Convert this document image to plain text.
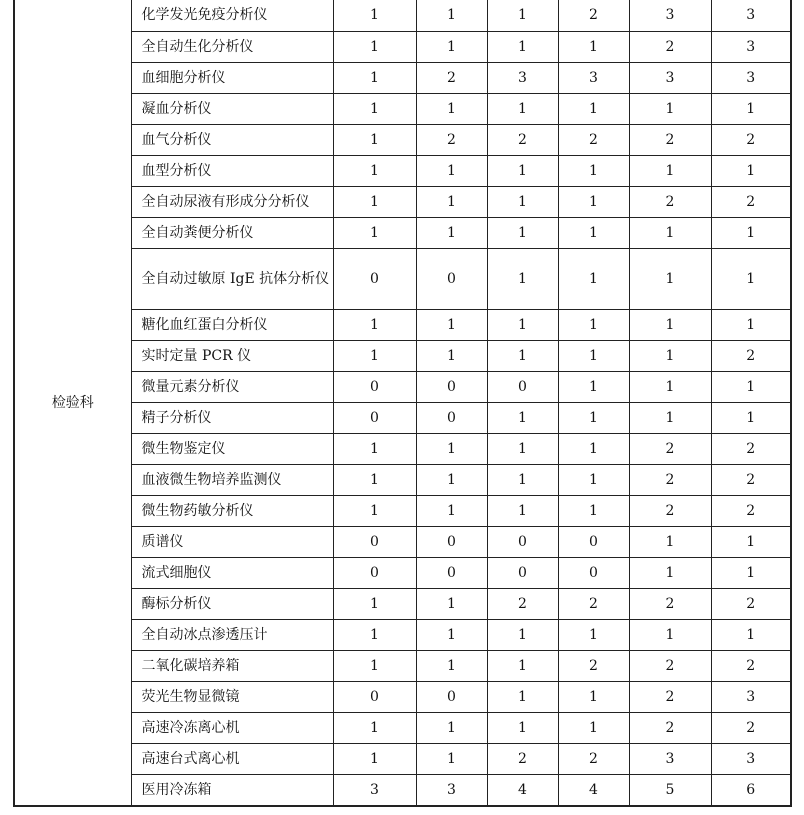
检验科	化学发光免疫分析仪	1	1	1	2	3	3
	全自动生化分析仪	1	1	1	1	2	3
	血细胞分析仪	1	2	3	3	3	3
	凝血分析仪	1	1	1	1	1	1
	血气分析仪	1	2	2	2	2	2
	血型分析仪	1	1	1	1	1	1
	全自动尿液有形成分分析仪	1	1	1	1	2	2
	全自动粪便分析仪	1	1	1	1	1	1
	全自动过敏原 IgE 抗体分析仪	0	0	1	1	1	1
	糖化血红蛋白分析仪	1	1	1	1	1	1
	实时定量 PCR 仪	1	1	1	1	1	2
	微量元素分析仪	0	0	0	1	1	1
	精子分析仪	0	0	1	1	1	1
	微生物鉴定仪	1	1	1	1	2	2
	血液微生物培养监测仪	1	1	1	1	2	2
	微生物药敏分析仪	1	1	1	1	2	2
	质谱仪	0	0	0	0	1	1
	流式细胞仪	0	0	0	0	1	1
	酶标分析仪	1	1	2	2	2	2
	全自动冰点渗透压计	1	1	1	1	1	1
	二氧化碳培养箱	1	1	1	2	2	2
	荧光生物显微镜	0	0	1	1	2	3
	高速冷冻离心机	1	1	1	1	2	2
	高速台式离心机	1	1	2	2	3	3
	医用冷冻箱	3	3	4	4	5	6
